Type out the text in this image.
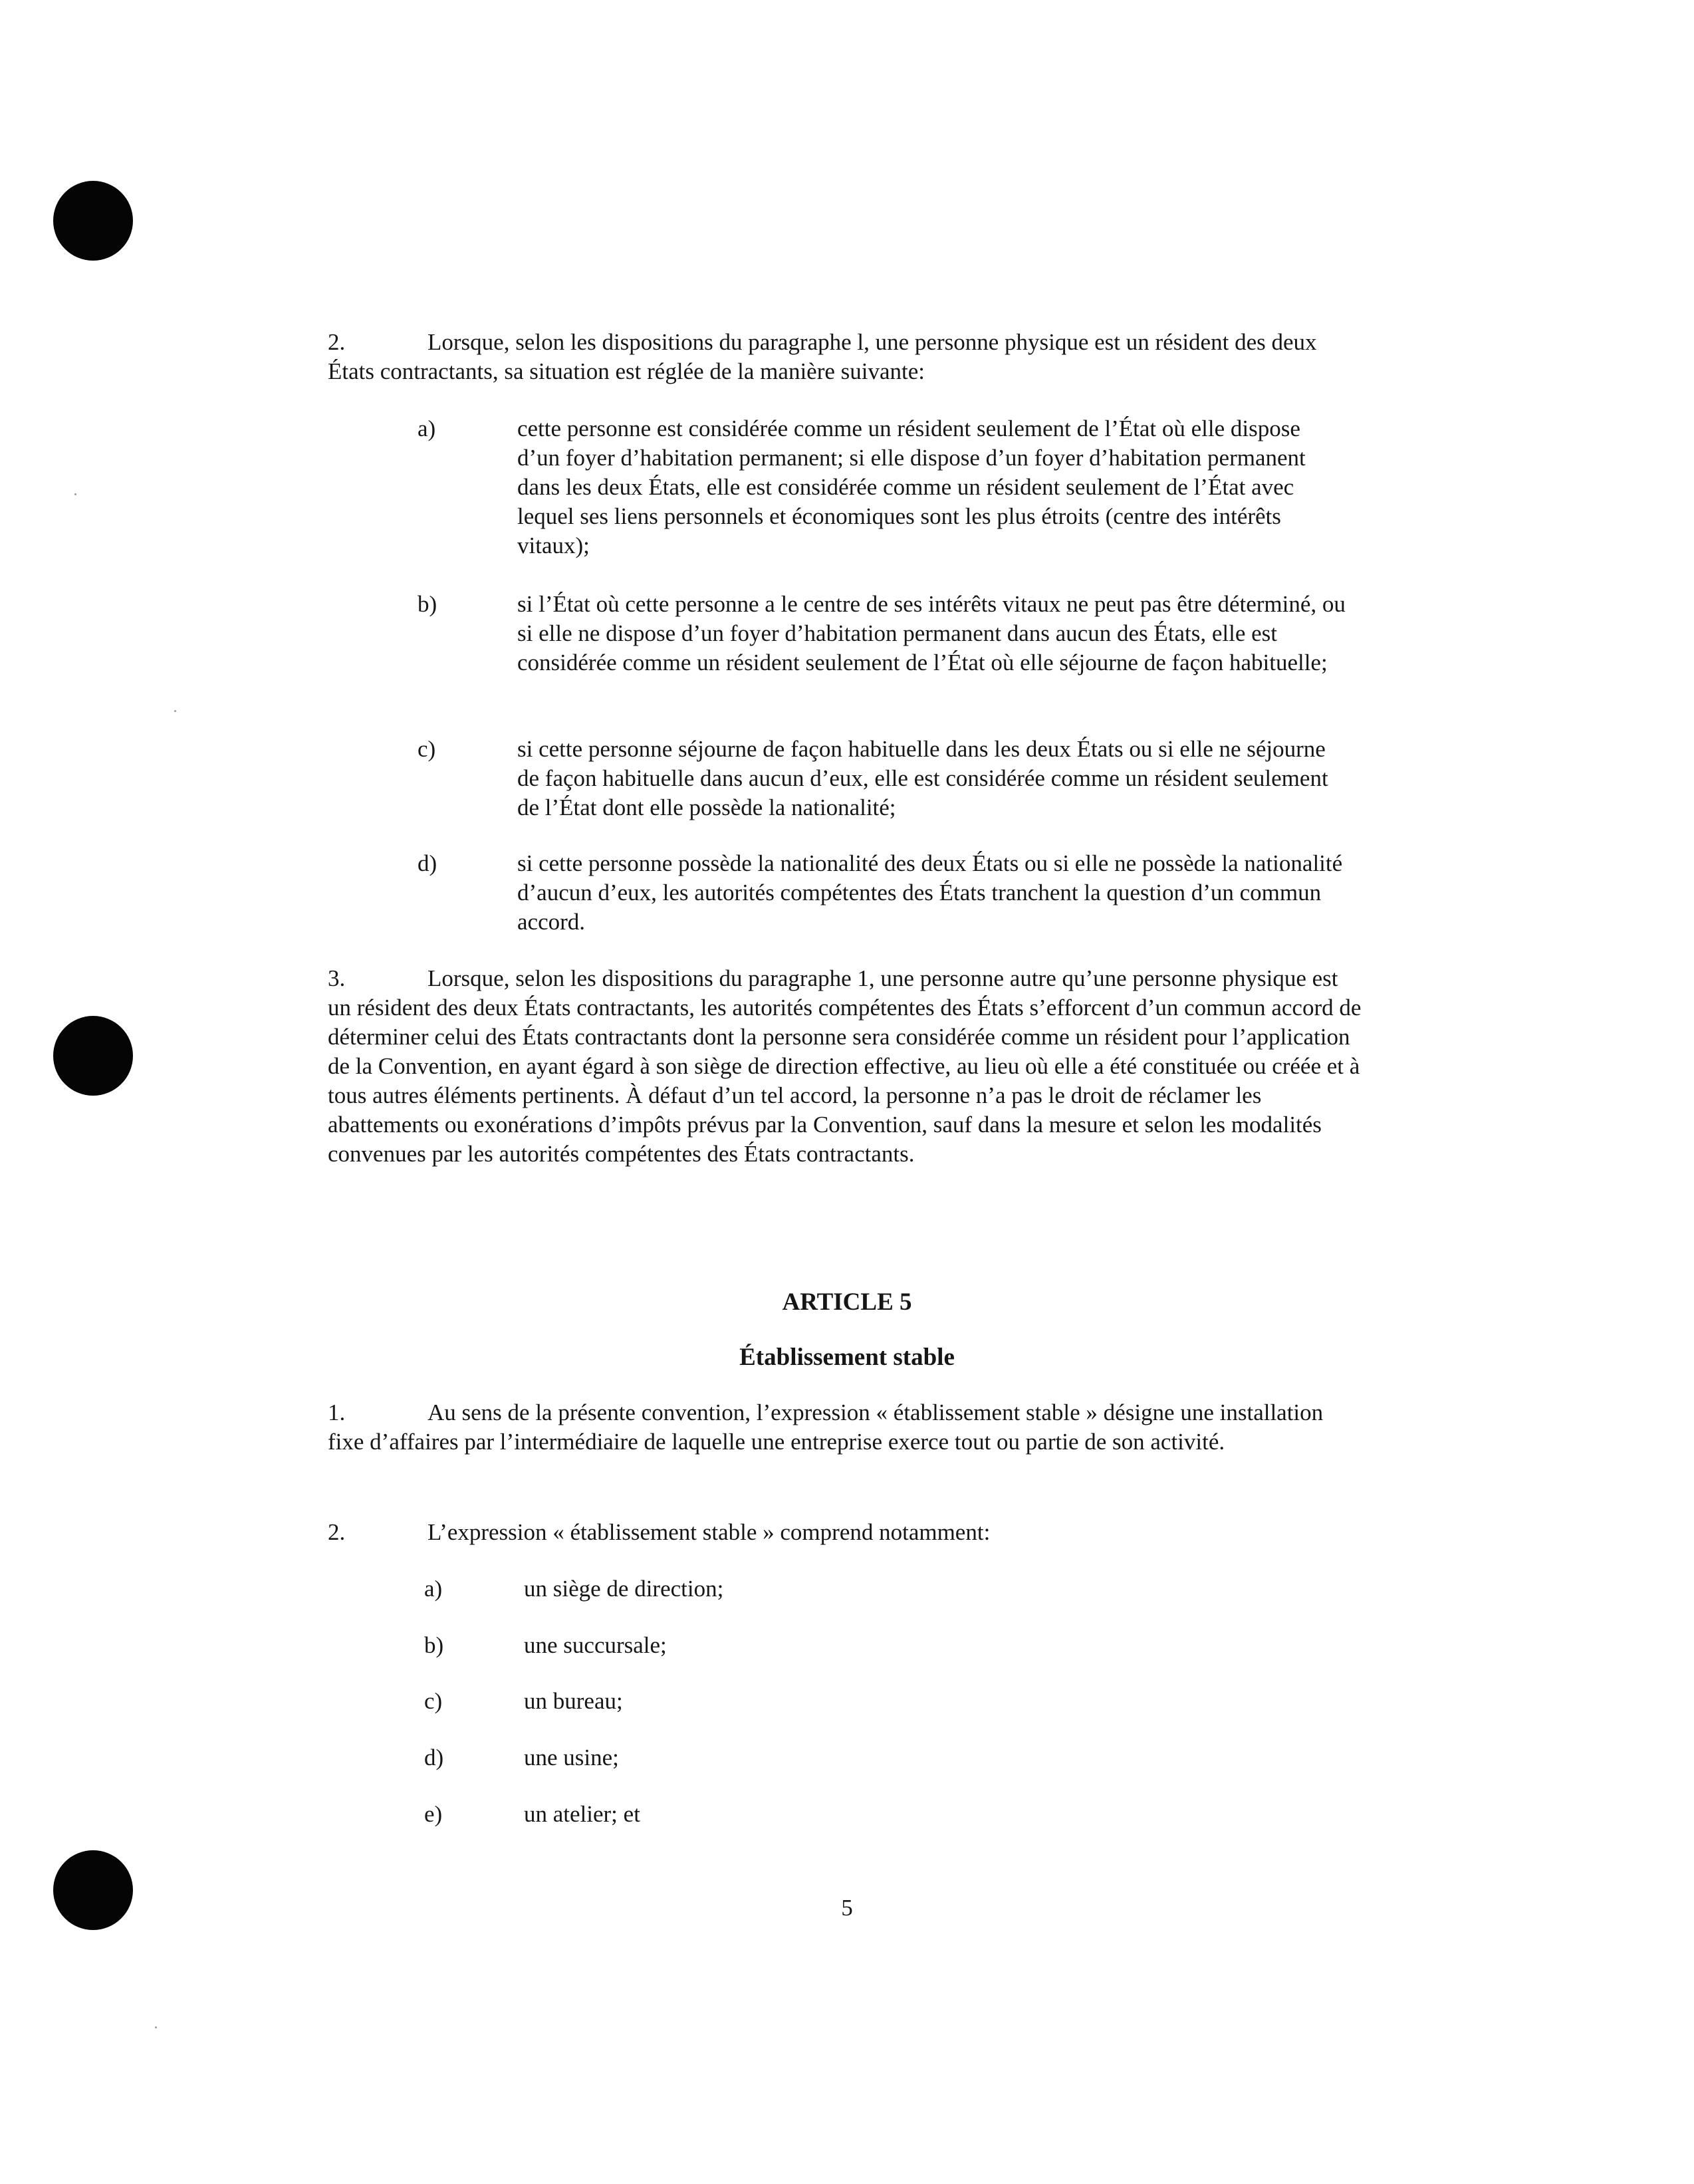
2.	Lorsque, selon les dispositions du paragraphe l, une personne physique est un résident des deux États contractants, sa situation est réglée de la manière suivante:
a)	cette personne est considérée comme un résident seulement de l’État où elle dispose d’un foyer d’habitation permanent; si elle dispose d’un foyer d’habitation permanent dans les deux États, elle est considérée comme un résident seulement de l’État avec lequel ses liens personnels et économiques sont les plus étroits (centre des intérêts vitaux);
b)	si l’État où cette personne a le centre de ses intérêts vitaux ne peut pas être déterminé, ou si elle ne dispose d’un foyer d’habitation permanent dans aucun des États, elle est considérée comme un résident seulement de l’État où elle séjourne de façon habituelle;
c)	si cette personne séjourne de façon habituelle dans les deux États ou si elle ne séjourne de façon habituelle dans aucun d’eux, elle est considérée comme un résident seulement de l’État dont elle possède la nationalité;
d)	si cette personne possède la nationalité des deux États ou si elle ne possède la nationalité d’aucun d’eux, les autorités compétentes des États tranchent la question d’un commun accord.
3.	Lorsque, selon les dispositions du paragraphe 1, une personne autre qu’une personne physique est un résident des deux États contractants, les autorités compétentes des États s’efforcent d’un commun accord de déterminer celui des États contractants dont la personne sera considérée comme un résident pour l’application de la Convention, en ayant égard à son siège de direction effective, au lieu où elle a été constituée ou créée et à tous autres éléments pertinents. À défaut d’un tel accord, la personne n’a pas le droit de réclamer les abattements ou exonérations d’impôts prévus par la Convention, sauf dans la mesure et selon les modalités convenues par les autorités compétentes des États contractants.
ARTICLE 5
Établissement stable
1.	Au sens de la présente convention, l’expression « établissement stable » désigne une installation fixe d’affaires par l’intermédiaire de laquelle une entreprise exerce tout ou partie de son activité.
2.	L’expression « établissement stable » comprend notamment:
a)	un siège de direction;
b)	une succursale;
c)	un bureau;
d)	une usine;
e)	un atelier; et
5
